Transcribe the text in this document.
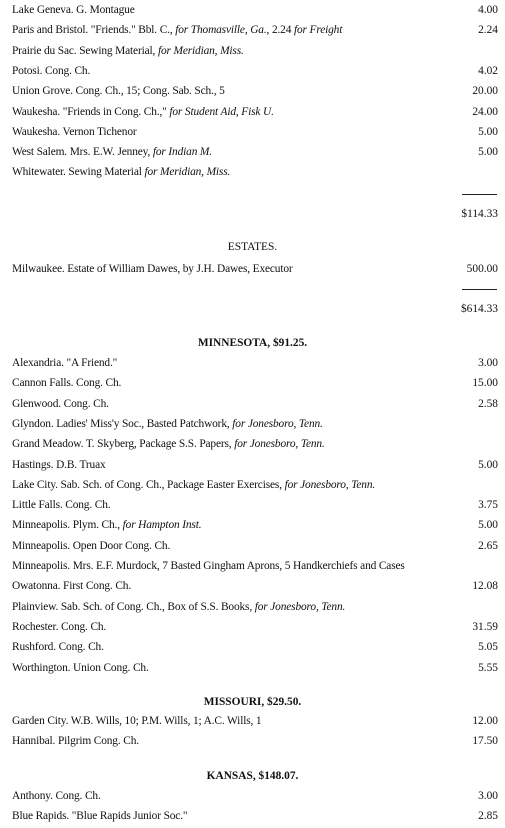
Lake Geneva. G. Montague	4.00
Paris and Bristol. "Friends." Bbl. C., for Thomasville, Ga., 2.24 for Freight	2.24
Prairie du Sac. Sewing Material, for Meridian, Miss.
Potosi. Cong. Ch.	4.02
Union Grove. Cong. Ch., 15; Cong. Sab. Sch., 5	20.00
Waukesha. "Friends in Cong. Ch.," for Student Aid, Fisk U.	24.00
Waukesha. Vernon Tichenor	5.00
West Salem. Mrs. E.W. Jenney, for Indian M.	5.00
Whitewater. Sewing Material for Meridian, Miss.
$114.33
ESTATES.
Milwaukee. Estate of William Dawes, by J.H. Dawes, Executor	500.00
$614.33
MINNESOTA, $91.25.
Alexandria. "A Friend."	3.00
Cannon Falls. Cong. Ch.	15.00
Glenwood. Cong. Ch.	2.58
Glyndon. Ladies' Miss'y Soc., Basted Patchwork, for Jonesboro, Tenn.
Grand Meadow. T. Skyberg, Package S.S. Papers, for Jonesboro, Tenn.
Hastings. D.B. Truax	5.00
Lake City. Sab. Sch. of Cong. Ch., Package Easter Exercises, for Jonesboro, Tenn.
Little Falls. Cong. Ch.	3.75
Minneapolis. Plym. Ch., for Hampton Inst.	5.00
Minneapolis. Open Door Cong. Ch.	2.65
Minneapolis. Mrs. E.F. Murdock, 7 Basted Gingham Aprons, 5 Handkerchiefs and Cases
Owatonna. First Cong. Ch.	12.08
Plainview. Sab. Sch. of Cong. Ch., Box of S.S. Books, for Jonesboro, Tenn.
Rochester. Cong. Ch.	31.59
Rushford. Cong. Ch.	5.05
Worthington. Union Cong. Ch.	5.55
MISSOURI, $29.50.
Garden City. W.B. Wills, 10; P.M. Wills, 1; A.C. Wills, 1	12.00
Hannibal. Pilgrim Cong. Ch.	17.50
KANSAS, $148.07.
Anthony. Cong. Ch.	3.00
Blue Rapids. "Blue Rapids Junior Soc."	2.85
